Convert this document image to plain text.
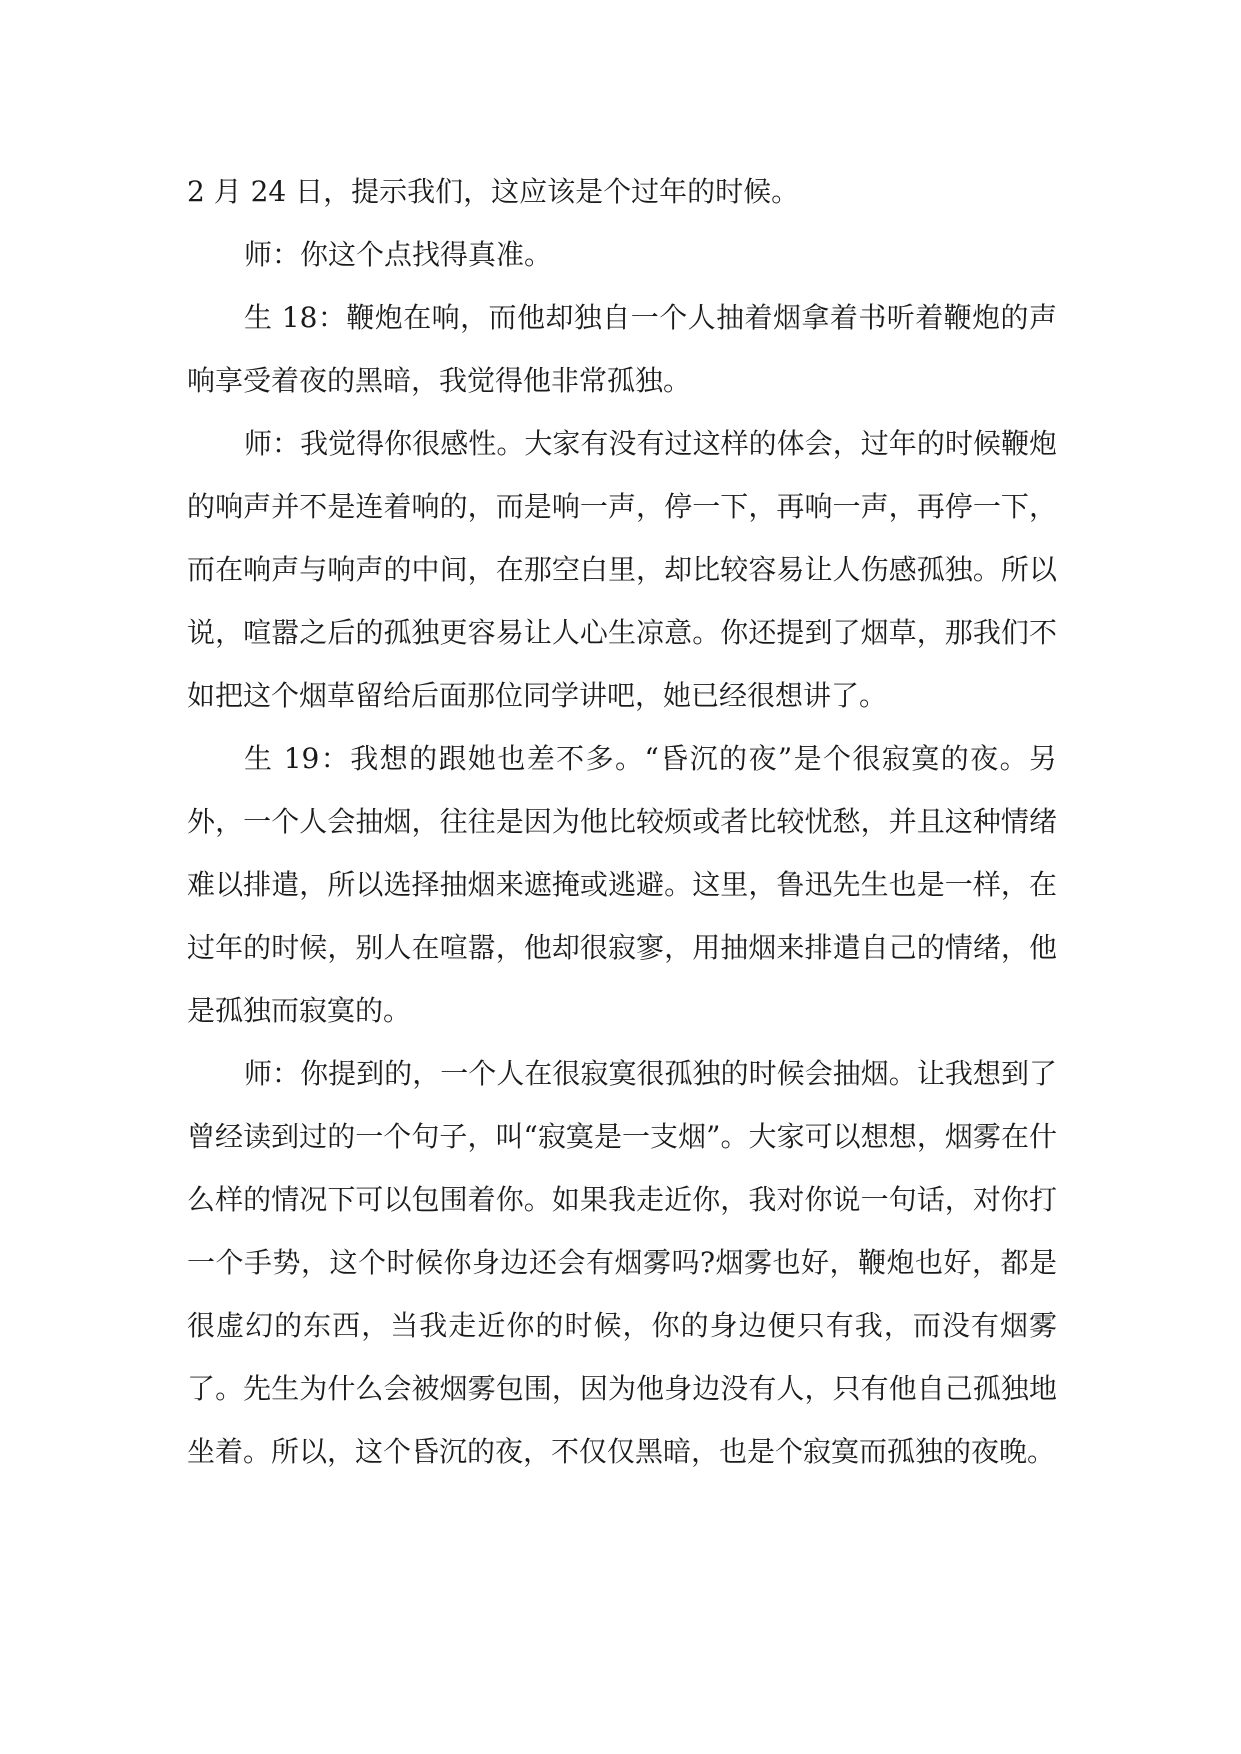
2 月 24 日，提示我们，这应该是个过年的时候。

师：你这个点找得真准。

生 18：鞭炮在响，而他却独自一个人抽着烟拿着书听着鞭炮的声响享受着夜的黑暗，我觉得他非常孤独。

师：我觉得你很感性。大家有没有过这样的体会，过年的时候鞭炮的响声并不是连着响的，而是响一声，停一下，再响一声，再停一下，而在响声与响声的中间，在那空白里，却比较容易让人伤感孤独。所以说，喧嚣之后的孤独更容易让人心生凉意。你还提到了烟草，那我们不如把这个烟草留给后面那位同学讲吧，她已经很想讲了。

生 19：我想的跟她也差不多。“昏沉的夜”是个很寂寞的夜。另外，一个人会抽烟，往往是因为他比较烦或者比较忧愁，并且这种情绪难以排遣，所以选择抽烟来遮掩或逃避。这里，鲁迅先生也是一样，在过年的时候，别人在喧嚣，他却很寂寥，用抽烟来排遣自己的情绪，他是孤独而寂寞的。

师：你提到的，一个人在很寂寞很孤独的时候会抽烟。让我想到了曾经读到过的一个句子，叫“寂寞是一支烟”。大家可以想想，烟雾在什么样的情况下可以包围着你。如果我走近你，我对你说一句话，对你打一个手势，这个时候你身边还会有烟雾吗?烟雾也好，鞭炮也好，都是很虚幻的东西，当我走近你的时候，你的身边便只有我，而没有烟雾了。先生为什么会被烟雾包围，因为他身边没有人，只有他自己孤独地坐着。所以，这个昏沉的夜，不仅仅黑暗，也是个寂寞而孤独的夜晚。
